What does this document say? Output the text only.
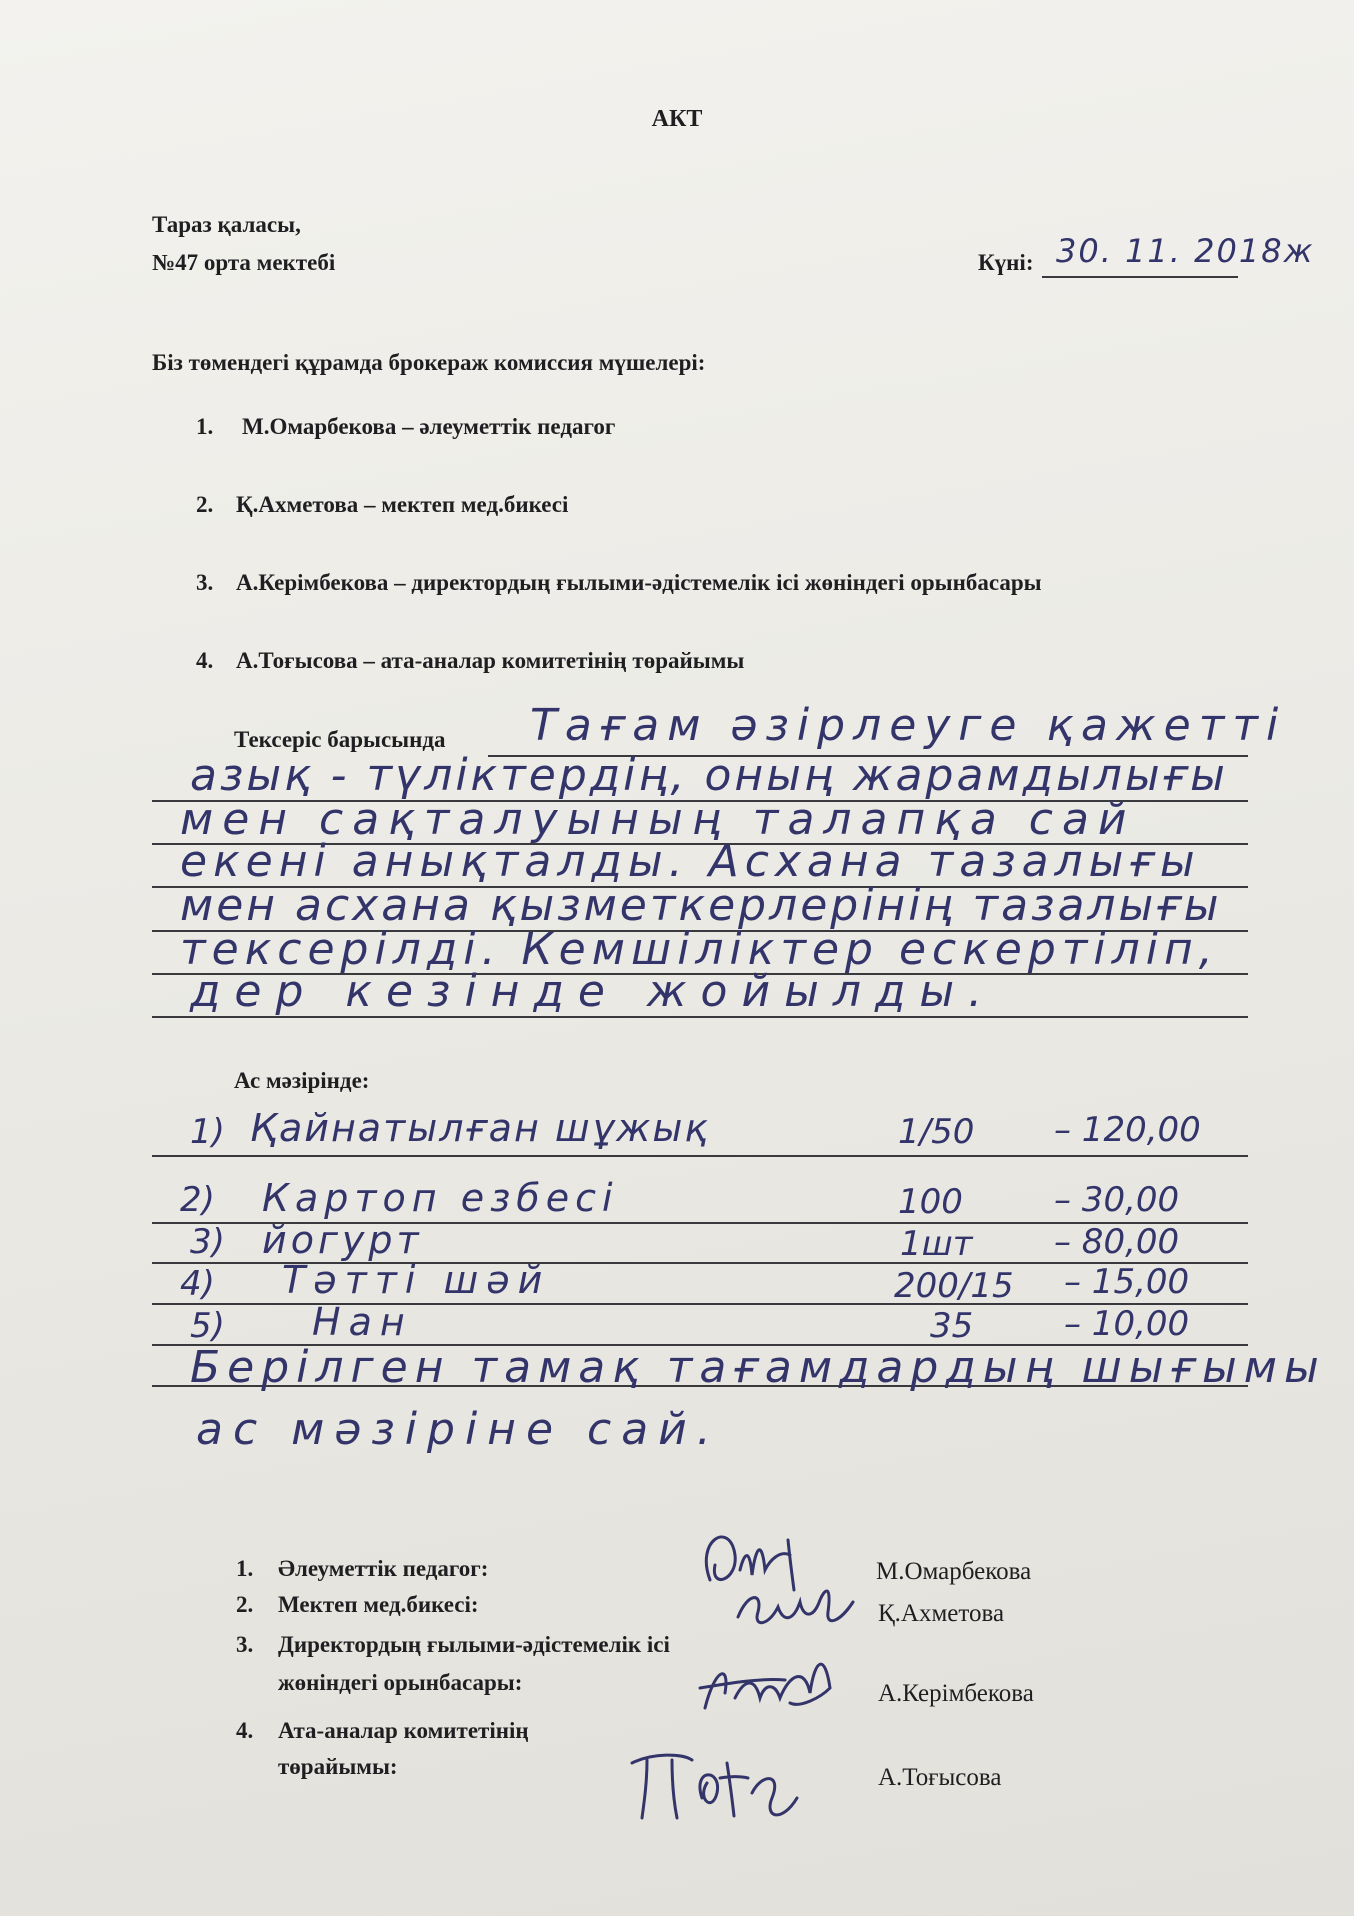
АКТ
Тараз қаласы,
№47 орта мектебі	Күні: 30. 11. 2018ж
Біз төмендегі құрамда брокераж комиссия мүшелері:
1. М.Омарбекова – әлеуметтік педагог
2. Қ.Ахметова – мектеп мед.бикесі
3. А.Керімбекова – директордың ғылыми-әдістемелік ісі жөніндегі орынбасары
4. А.Тоғысова – ата-аналар комитетінің төрайымы
Тексеріс барысында Тағам әзірлеуге қажетті
азық - түліктердің, оның жарамдылығы
мен сақталуының талапқа сай
екені анықталды. Асхана тазалығы
мен асхана қызметкерлерінің тазалығы
тексерілді. Кемшіліктер ескертіліп,
дер кезінде жойылды.
Ас мәзірінде:
1) Қайнатылған шұжық	1/50 – 120,00
2) Картоп езбесі	100	– 30,00
3) йогурт	1шт – 80,00
4) Тәтті шәй	200/15 – 15,00
5) Нан	35	– 10,00
Берілген тамақ тағамдардың шығымы
ас мәзіріне сай.
1. Әлеуметтік педагог:	М.Омарбекова
2. Мектеп мед.бикесі:	Қ.Ахметова
3. Директордың ғылыми-әдістемелік ісі
жөніндегі орынбасары:	А.Керімбекова
4. Ата-аналар комитетінің
төрайымы:	А.Тоғысова
